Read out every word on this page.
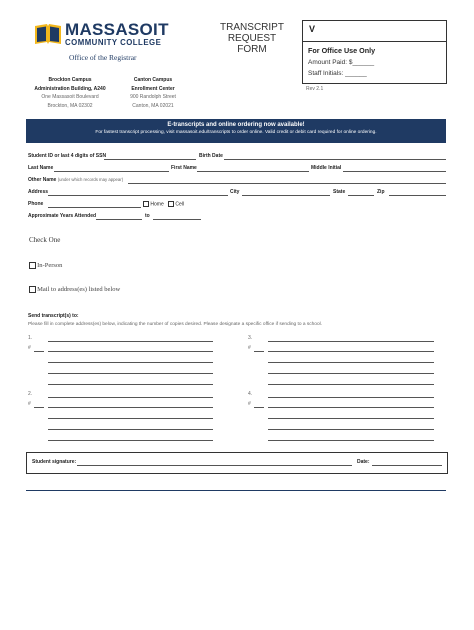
MASSASOIT
COMMUNITY COLLEGE
Office of the Registrar
TRANSCRIPT
REQUEST FORM
V
For Office Use Only
Amount Paid: $______
Staff Initials: ______
Rev 2.1
Brockton Campus
Administration Building, A240
One Massasoit Boulevard
Brockton, MA 02302
Canton Campus
Enrollment Center
900 Randolph Street
Canton, MA 02021
E-transcripts and online ordering now available!
For fastest transcript processing, visit massasoit.edu/transcripts to order online. Valid credit or debit card required for online ordering.
Student ID or last 4 digits of SSN	Birth Date
Last Name	First Name	Middle Initial
Other Name (under which records may appear)
Address	City	State	Zip
Phone	Home	Cell
Approximate Years Attended	to
Check One
In-Person
Mail to address(es) listed below
Send transcript(s) to:
Please fill in complete address(es) below, indicating the number of copies desired. Please designate a specific office if sending to a school.
1.
#
3.
#
2.
#
4.
#
Student signature:	Date:
